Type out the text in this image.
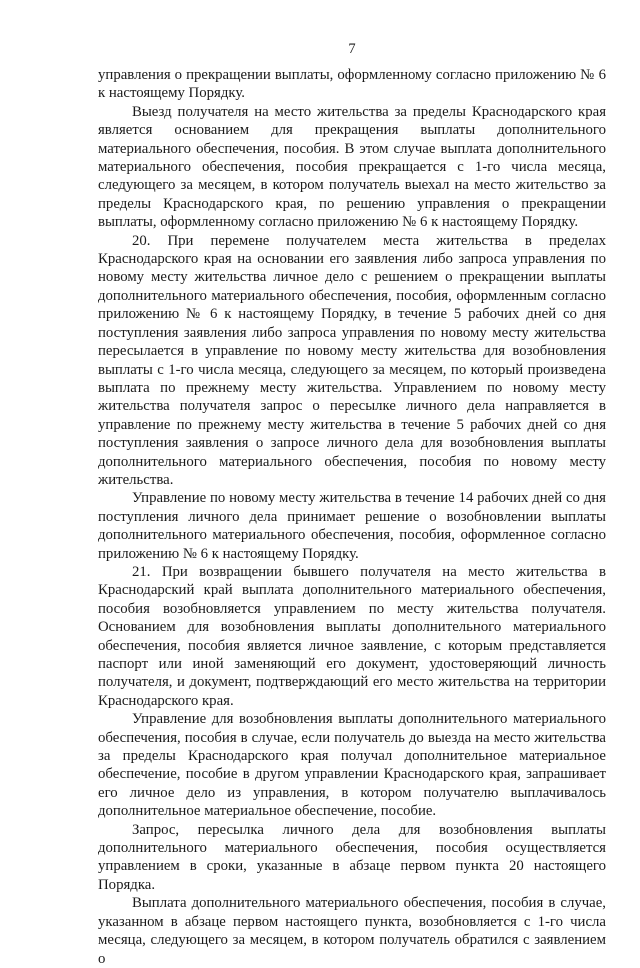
7

управления о прекращении выплаты, оформленному согласно приложению № 6 к настоящему Порядку.

Выезд получателя на место жительства за пределы Краснодарского края является основанием для прекращения выплаты дополнительного материального обеспечения, пособия. В этом случае выплата дополнительного материального обеспечения, пособия прекращается с 1-го числа месяца, следующего за месяцем, в котором получатель выехал на место жительство за пределы Краснодарского края, по решению управления о прекращении выплаты, оформленному согласно приложению № 6 к настоящему Порядку.

20. При перемене получателем места жительства в пределах Краснодарского края на основании его заявления либо запроса управления по новому месту жительства личное дело с решением о прекращении выплаты дополнительного материального обеспечения, пособия, оформленным согласно приложению № 6 к настоящему Порядку, в течение 5 рабочих дней со дня поступления заявления либо запроса управления по новому месту жительства пересылается в управление по новому месту жительства для возобновления выплаты с 1-го числа месяца, следующего за месяцем, по который произведена выплата по прежнему месту жительства. Управлением по новому месту жительства получателя запрос о пересылке личного дела направляется в управление по прежнему месту жительства в течение 5 рабочих дней со дня поступления заявления о запросе личного дела для возобновления выплаты дополнительного материального обеспечения, пособия по новому месту жительства.

Управление по новому месту жительства в течение 14 рабочих дней со дня поступления личного дела принимает решение о возобновлении выплаты дополнительного материального обеспечения, пособия, оформленное согласно приложению № 6 к настоящему Порядку.

21. При возвращении бывшего получателя на место жительства в Краснодарский край выплата дополнительного материального обеспечения, пособия возобновляется управлением по месту жительства получателя. Основанием для возобновления выплаты дополнительного материального обеспечения, пособия является личное заявление, с которым представляется паспорт или иной заменяющий его документ, удостоверяющий личность получателя, и документ, подтверждающий его место жительства на территории Краснодарского края.

Управление для возобновления выплаты дополнительного материального обеспечения, пособия в случае, если получатель до выезда на место жительства за пределы Краснодарского края получал дополнительное материальное обеспечение, пособие в другом управлении Краснодарского края, запрашивает его личное дело из управления, в котором получателю выплачивалось дополнительное материальное обеспечение, пособие.

Запрос, пересылка личного дела для возобновления выплаты дополнительного материального обеспечения, пособия осуществляется управлением в сроки, указанные в абзаце первом пункта 20 настоящего Порядка.

Выплата дополнительного материального обеспечения, пособия в случае, указанном в абзаце первом настоящего пункта, возобновляется с 1-го числа месяца, следующего за месяцем, в котором получатель обратился с заявлением о
